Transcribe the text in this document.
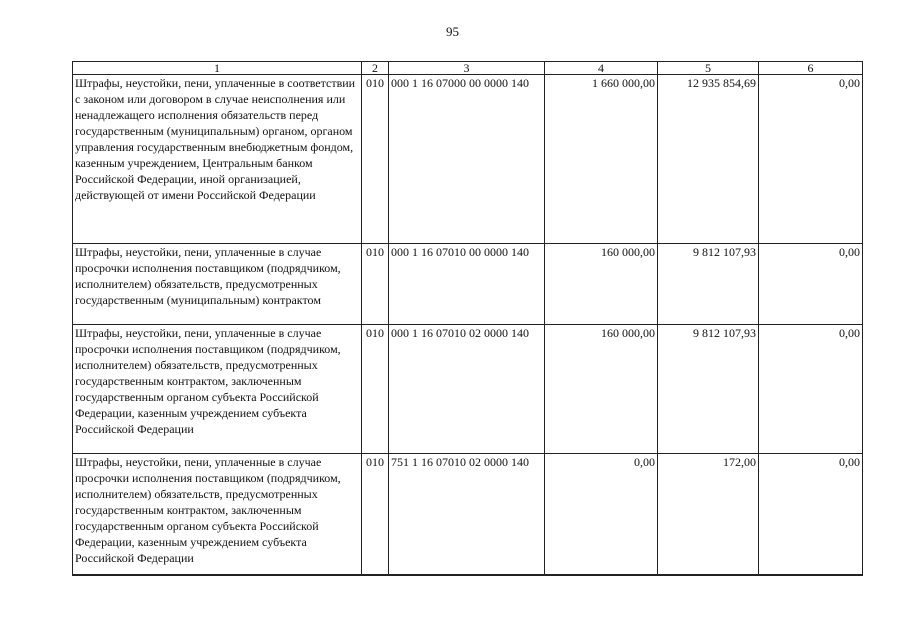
95
1	2	3	4	5	6
Штрафы, неустойки, пени, уплаченные в соответствии с законом или договором в случае неисполнения или ненадлежащего исполнения обязательств перед государственным (муниципальным) органом, органом управления государственным внебюджетным фондом, казенным учреждением, Центральным банком Российской Федерации, иной организацией, действующей от имени Российской Федерации	010	000 1 16 07000 00 0000 140	1 660 000,00	12 935 854,69	0,00
Штрафы, неустойки, пени, уплаченные в случае просрочки исполнения поставщиком (подрядчиком, исполнителем) обязательств, предусмотренных государственным (муниципальным) контрактом	010	000 1 16 07010 00 0000 140	160 000,00	9 812 107,93	0,00
Штрафы, неустойки, пени, уплаченные в случае просрочки исполнения поставщиком (подрядчиком, исполнителем) обязательств, предусмотренных государственным контрактом, заключенным государственным органом субъекта Российской Федерации, казенным учреждением субъекта Российской Федерации	010	000 1 16 07010 02 0000 140	160 000,00	9 812 107,93	0,00
Штрафы, неустойки, пени, уплаченные в случае просрочки исполнения поставщиком (подрядчиком, исполнителем) обязательств, предусмотренных государственным контрактом, заключенным государственным органом субъекта Российской Федерации, казенным учреждением субъекта Российской Федерации	010	751 1 16 07010 02 0000 140	0,00	172,00	0,00
